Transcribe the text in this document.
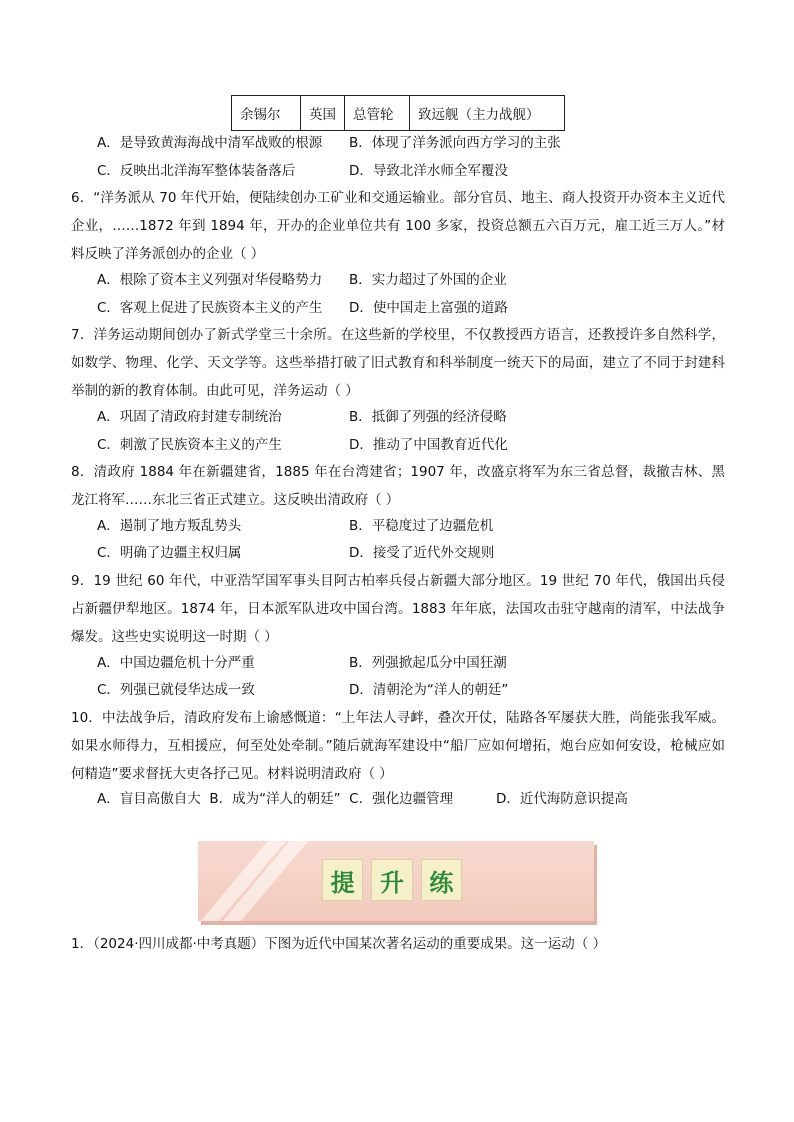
余锡尔	英国	总管轮	致远舰（主力战舰）
A．是导致黄海海战中清军战败的根源 B．体现了洋务派向西方学习的主张
C．反映出北洋海军整体装备落后	D．导致北洋水师全军覆没
6．“洋务派从 70 年代开始，便陆续创办工矿业和交通运输业。部分官员、地主、商人投资开办资本主义近代企业，……1872 年到 1894 年，开办的企业单位共有 100 多家，投资总额五六百万元，雇工近三万人。”材料反映了洋务派创办的企业（ ）
A．根除了资本主义列强对华侵略势力 B．实力超过了外国的企业
C．客观上促进了民族资本主义的产生 D．使中国走上富强的道路
7．洋务运动期间创办了新式学堂三十余所。在这些新的学校里，不仅教授西方语言，还教授许多自然科学，如数学、物理、化学、天文学等。这些举措打破了旧式教育和科举制度一统天下的局面，建立了不同于封建科举制的新的教育体制。由此可见，洋务运动（ ）
A．巩固了清政府封建专制统治	B．抵御了列强的经济侵略
C．刺激了民族资本主义的产生	D．推动了中国教育近代化
8．清政府 1884 年在新疆建省，1885 年在台湾建省；1907 年，改盛京将军为东三省总督，裁撤吉林、黑龙江将军……东北三省正式建立。这反映出清政府（ ）
A．遏制了地方叛乱势头	B．平稳度过了边疆危机
C．明确了边疆主权归属	D．接受了近代外交规则
9．19 世纪 60 年代，中亚浩罕国军事头目阿古柏率兵侵占新疆大部分地区。19 世纪 70 年代，俄国出兵侵占新疆伊犁地区。1874 年，日本派军队进攻中国台湾。1883 年年底，法国攻击驻守越南的清军，中法战争爆发。这些史实说明这一时期（ ）
A．中国边疆危机十分严重	B．列强掀起瓜分中国狂潮
C．列强已就侵华达成一致	D．清朝沦为“洋人的朝廷”
10．中法战争后，清政府发布上谕感慨道：“上年法人寻衅，叠次开仗，陆路各军屡获大胜，尚能张我军威。如果水师得力，互相援应，何至处处牵制。”随后就海军建设中“船厂应如何增拓，炮台应如何安设，枪械应如何精造”要求督抚大吏各抒己见。材料说明清政府（ ）
A．盲目高傲自大  B．成为“洋人的朝廷”  C．强化边疆管理          D．近代海防意识提高
提	升	练
1．（2024·四川成都·中考真题）下图为近代中国某次著名运动的重要成果。这一运动（ ）
